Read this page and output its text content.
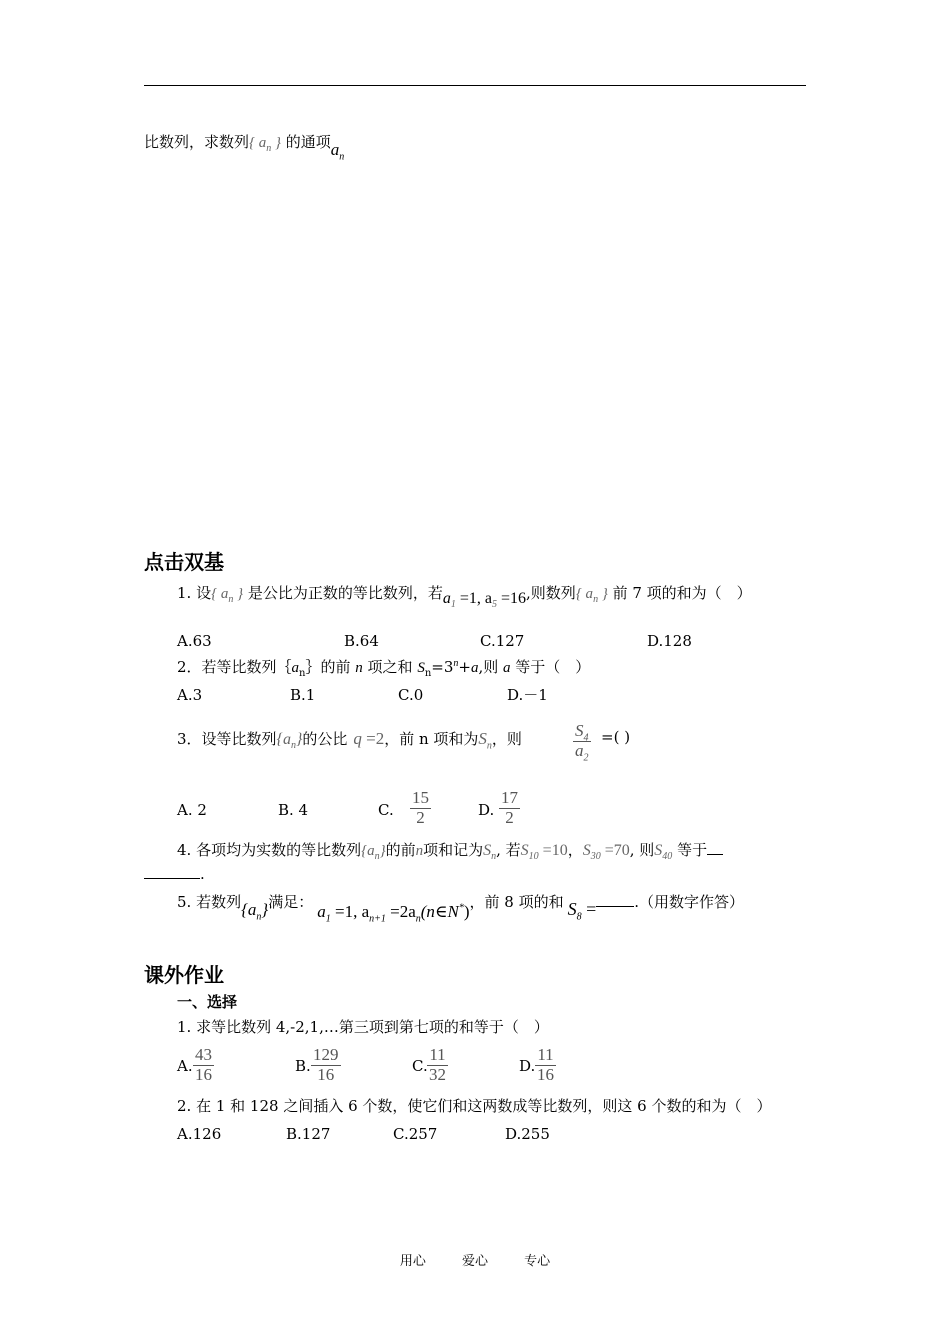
比数列，求数列{ $a_n$ } 的通项$a_n$
点击双基
1. 设{ $a_n$ } 是公比为正数的等比数列，若$a_1 =1$, $a_5 =16$,则数列{ $a_n$ } 前 7 项的和为（　）
A.63	B.64	C.127	D.128
2．若等比数列$\{a_n\}$的前 n 项之和 $S_n=3^n+a$,则 a 等于（　）
A.3	B.1	C.0	D.－1
3．设等比数列$\{a_n\}$的公比 q =2，前 n 项和为$S_n$，则	$\frac{S_4}{a_2}$ =( )
A. 2	B. 4	C. $\frac{15}{2}$	D. $\frac{17}{2}$
4. 各项均为实数的等比数列$\{a_n\}$的前n项和记为$S_n$, 若$S_{10} =10$，$S_{30} =70$, 则$S_{40}$ 等于
.
5. 若数列$\{a_n\}$满足： $a_1 =1$, $a_{n+1}$ $=2a_n(n\in N^*)$，前 8 项的和 $S_8$ =	.（用数字作答）
课外作业
一、选择
1. 求等比数列 4,-2,1,…第三项到第七项的和等于（　）
A. $\frac{43}{16}$	B. $\frac{129}{16}$	C. $\frac{11}{32}$	D. $\frac{11}{16}$
2. 在 1 和 128 之间插入 6 个数，使它们和这两数成等比数列，则这 6 个数的和为（　）
A.126	B.127	C.257	D.255
用心	爱心	专心
